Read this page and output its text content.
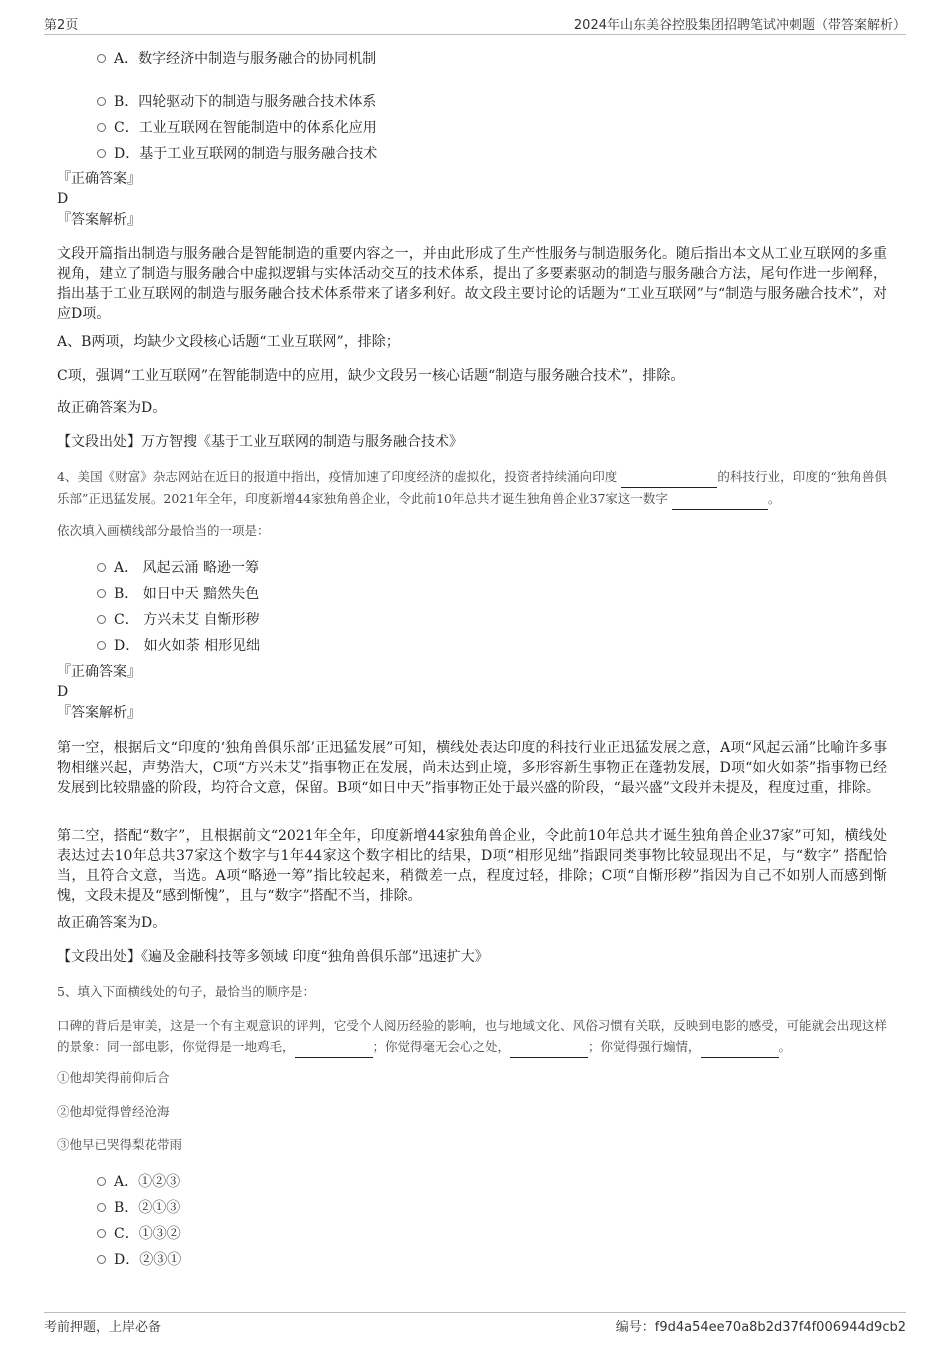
第2页	2024年山东美谷控股集团招聘笔试冲刺题（带答案解析）
A．数字经济中制造与服务融合的协同机制
B．四轮驱动下的制造与服务融合技术体系
C．工业互联网在智能制造中的体系化应用
D．基于工业互联网的制造与服务融合技术
『正确答案』
D
『答案解析』
文段开篇指出制造与服务融合是智能制造的重要内容之一，并由此形成了生产性服务与制造服务化。随后指出本文从工业互联网的多重视角，建立了制造与服务融合中虚拟逻辑与实体活动交互的技术体系，提出了多要素驱动的制造与服务融合方法，尾句作进一步阐释，指出基于工业互联网的制造与服务融合技术体系带来了诸多利好。故文段主要讨论的话题为“工业互联网”与“制造与服务融合技术”，对应D项。
A、B两项，均缺少文段核心话题“工业互联网”，排除；
C项，强调“工业互联网”在智能制造中的应用，缺少文段另一核心话题“制造与服务融合技术”，排除。
故正确答案为D。
【文段出处】万方智搜《基于工业互联网的制造与服务融合技术》
4、美国《财富》杂志网站在近日的报道中指出，疫情加速了印度经济的虚拟化，投资者持续涌向印度	的科技行业，印度的“独角兽俱乐部”正迅猛发展。2021年全年，印度新增44家独角兽企业，令此前10年总共才诞生独角兽企业37家这一数字	。
依次填入画横线部分最恰当的一项是：
A． 风起云涌 略逊一筹
B． 如日中天 黯然失色
C． 方兴未艾 自惭形秽
D． 如火如荼 相形见绌
『正确答案』
D
『答案解析』
第一空，根据后文“印度的‘独角兽俱乐部’正迅猛发展”可知，横线处表达印度的科技行业正迅猛发展之意，A项“风起云涌”比喻许多事物相继兴起，声势浩大，C项“方兴未艾”指事物正在发展，尚未达到止境，多形容新生事物正在蓬勃发展，D项“如火如荼”指事物已经发展到比较鼎盛的阶段，均符合文意，保留。B项“如日中天”指事物正处于最兴盛的阶段，“最兴盛”文段并未提及，程度过重，排除。
第二空，搭配“数字”，且根据前文“2021年全年，印度新增44家独角兽企业，令此前10年总共才诞生独角兽企业37家”可知，横线处表达过去10年总共37家这个数字与1年44家这个数字相比的结果，D项“相形见绌”指跟同类事物比较显现出不足，与“数字” 搭配恰当，且符合文意，当选。A项“略逊一筹”指比较起来，稍微差一点，程度过轻，排除；C项“自惭形秽”指因为自己不如别人而感到惭愧，文段未提及“感到惭愧”，且与“数字”搭配不当，排除。
故正确答案为D。
【文段出处】《遍及金融科技等多领域 印度“独角兽俱乐部”迅速扩大》
5、填入下面横线处的句子，最恰当的顺序是：
口碑的背后是审美，这是一个有主观意识的评判，它受个人阅历经验的影响，也与地域文化、风俗习惯有关联，反映到电影的感受，可能就会出现这样的景象：同一部电影，你觉得是一地鸡毛，	；你觉得毫无会心之处，	；你觉得强行煽情，	。
①他却笑得前仰后合
②他却觉得曾经沧海
③他早已哭得梨花带雨
A．①②③
B．②①③
C．①③②
D．②③①
考前押题，上岸必备	编号：f9d4a54ee70a8b2d37f4f006944d9cb2
